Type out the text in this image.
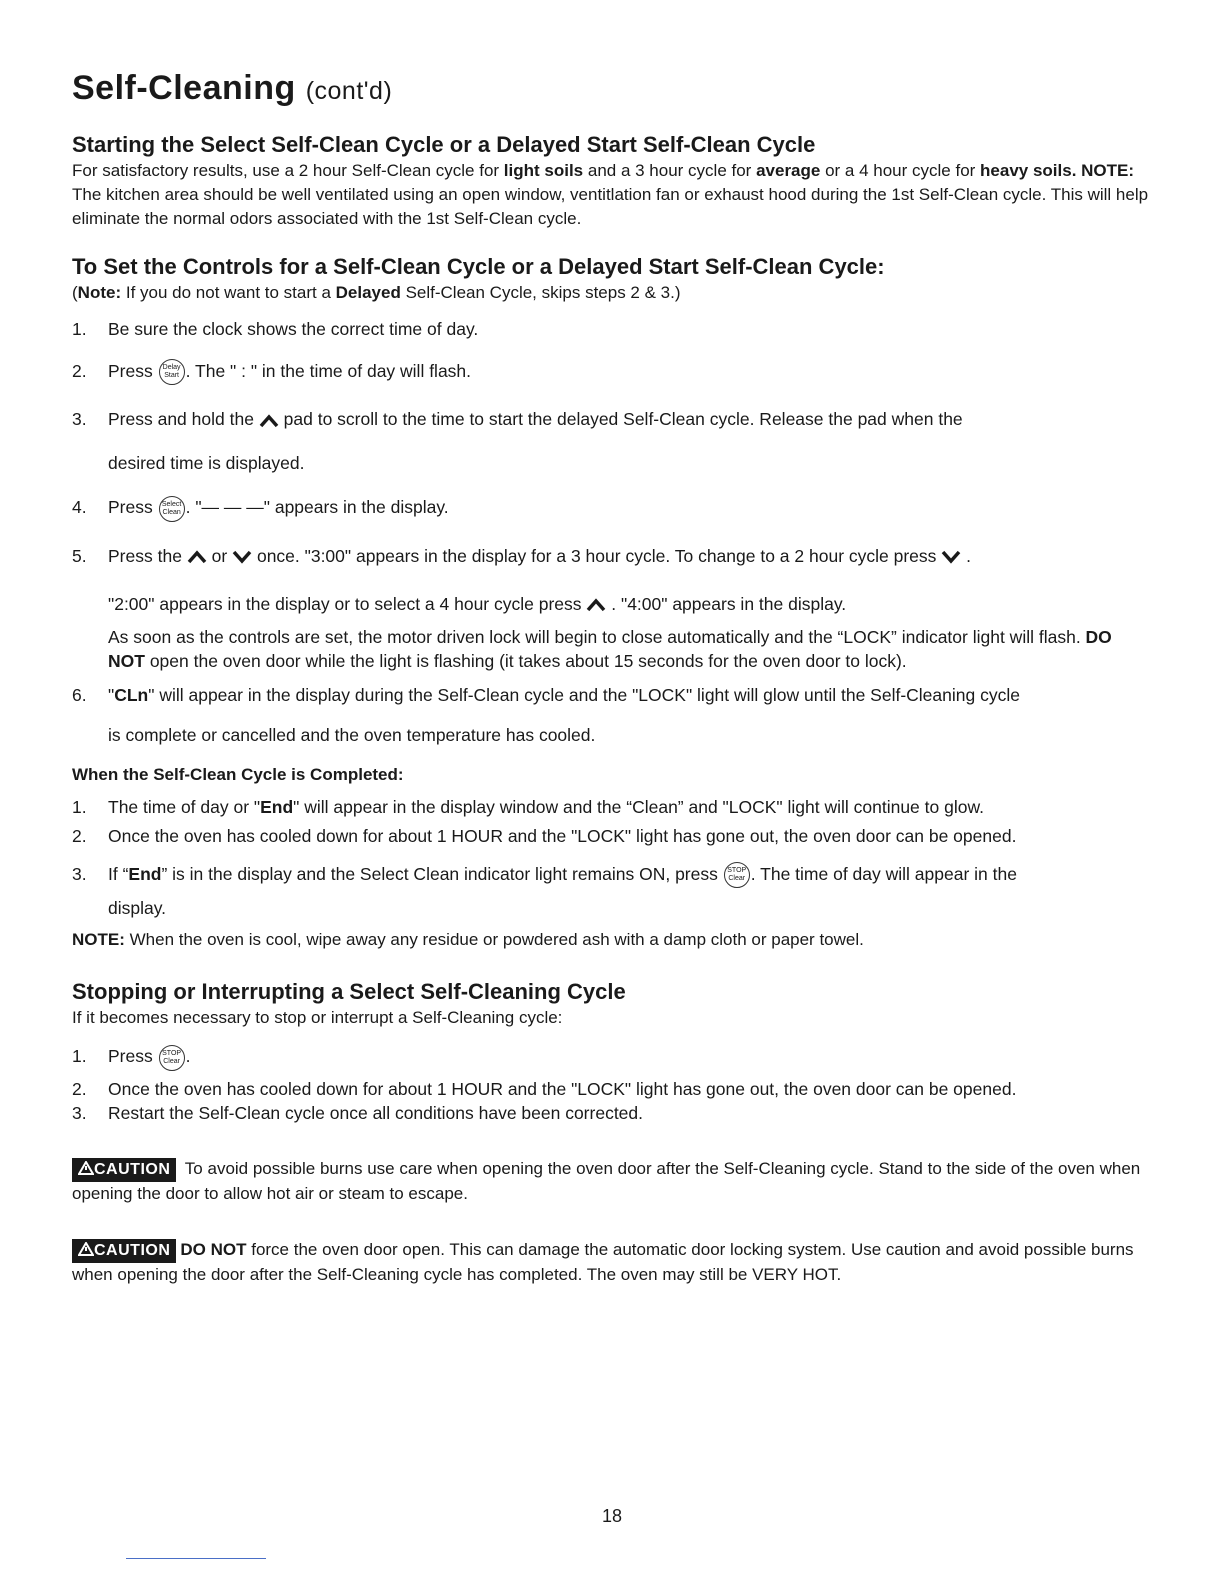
Self-Cleaning (cont'd)
Starting the Select Self-Clean Cycle or a Delayed Start Self-Clean Cycle

For satisfactory results, use a 2 hour Self-Clean cycle for light soils and a 3 hour cycle for average or a 4 hour cycle for heavy soils. NOTE: The kitchen area should be well ventilated using an open window, ventitlation fan or exhaust hood during the 1st Self-Clean cycle. This will help eliminate the normal odors associated with the 1st Self-Clean cycle.

To Set the Controls for a Self-Clean Cycle or a Delayed Start Self-Clean Cycle:

(Note: If you do not want to start a Delayed Self-Clean Cycle, skips steps 2 & 3.)

1. Be sure the clock shows the correct time of day.
2. Press Delay
Start . The " : " in the time of day will flash.
3. Press and hold the  pad to scroll to the time to start the delayed Self-Clean cycle. Release the pad when the
desired time is displayed.
4. Press Select
Clean . "— — —" appears in the display.
5. Press the  or  once. "3:00" appears in the display for a 3 hour cycle. To change to a 2 hour cycle press  .
"2:00" appears in the display or to select a 4 hour cycle press  . "4:00" appears in the display.
As soon as the controls are set, the motor driven lock will begin to close automatically and the “LOCK” indicator light will flash. DO NOT open the oven door while the light is flashing (it takes about 15 seconds for the oven door to lock).
6. "CLn" will appear in the display during the Self-Clean cycle and the "LOCK" light will glow until the Self-Cleaning cycle
is complete or cancelled and the oven temperature has cooled.
When the Self-Clean Cycle is Completed:
1. The time of day or "End" will appear in the display window and the “Clean” and "LOCK" light will continue to glow.
2. Once the oven has cooled down for about 1 HOUR and the "LOCK" light has gone out, the oven door can be opened.
3. If “End” is in the display and the Select Clean indicator light remains ON, press STOP
Clear . The time of day will appear in the
display.

NOTE: When the oven is cool, wipe away any residue or powdered ash with a damp cloth or paper towel.

Stopping or Interrupting a Select Self-Cleaning Cycle

If it becomes necessary to stop or interrupt a Self-Cleaning cycle:

1. Press STOP
Clear .
2. Once the oven has cooled down for about 1 HOUR and the "LOCK" light has gone out, the oven door can be opened.
3. Restart the Self-Clean cycle once all conditions have been corrected.

CAUTION To avoid possible burns use care when opening the oven door after the Self-Cleaning cycle. Stand to the side of the oven when opening the door to allow hot air or steam to escape.

CAUTION DO NOT force the oven door open. This can damage the automatic door locking system. Use caution and avoid possible burns when opening the door after the Self-Cleaning cycle has completed. The oven may still be VERY HOT.

18
